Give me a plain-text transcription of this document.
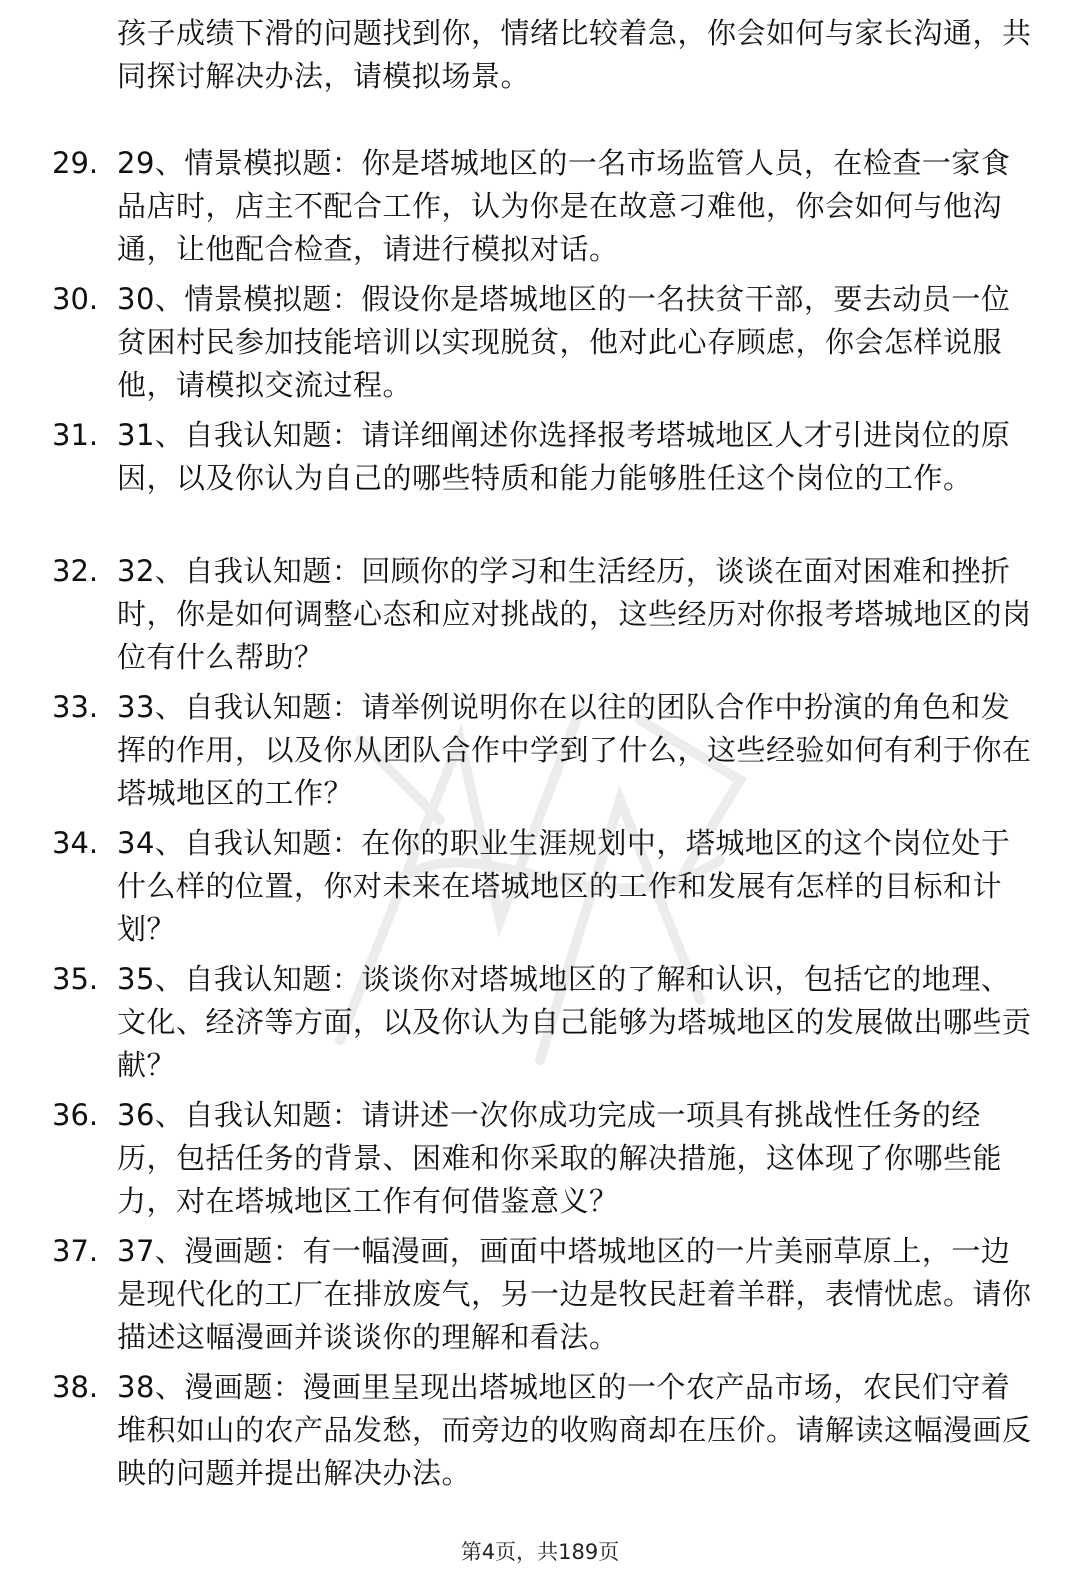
孩子成绩下滑的问题找到你，情绪比较着急，你会如何与家长沟通，共同探讨解决办法，请模拟场景。

29. 29、情景模拟题：你是塔城地区的一名市场监管人员，在检查一家食品店时，店主不配合工作，认为你是在故意刁难他，你会如何与他沟通，让他配合检查，请进行模拟对话。
30. 30、情景模拟题：假设你是塔城地区的一名扶贫干部，要去动员一位贫困村民参加技能培训以实现脱贫，他对此心存顾虑，你会怎样说服他，请模拟交流过程。
31. 31、自我认知题：请详细阐述你选择报考塔城地区人才引进岗位的原因，以及你认为自己的哪些特质和能力能够胜任这个岗位的工作。
32. 32、自我认知题：回顾你的学习和生活经历，谈谈在面对困难和挫折时，你是如何调整心态和应对挑战的，这些经历对你报考塔城地区的岗位有什么帮助？
33. 33、自我认知题：请举例说明你在以往的团队合作中扮演的角色和发挥的作用，以及你从团队合作中学到了什么，这些经验如何有利于你在塔城地区的工作？
34. 34、自我认知题：在你的职业生涯规划中，塔城地区的这个岗位处于什么样的位置，你对未来在塔城地区的工作和发展有怎样的目标和计划？
35. 35、自我认知题：谈谈你对塔城地区的了解和认识，包括它的地理、文化、经济等方面，以及你认为自己能够为塔城地区的发展做出哪些贡献？
36. 36、自我认知题：请讲述一次你成功完成一项具有挑战性任务的经历，包括任务的背景、困难和你采取的解决措施，这体现了你哪些能力，对在塔城地区工作有何借鉴意义？
37. 37、漫画题：有一幅漫画，画面中塔城地区的一片美丽草原上，一边是现代化的工厂在排放废气，另一边是牧民赶着羊群，表情忧虑。请你描述这幅漫画并谈谈你的理解和看法。
38. 38、漫画题：漫画里呈现出塔城地区的一个农产品市场，农民们守着堆积如山的农产品发愁，而旁边的收购商却在压价。请解读这幅漫画反映的问题并提出解决办法。
第4页，共189页
